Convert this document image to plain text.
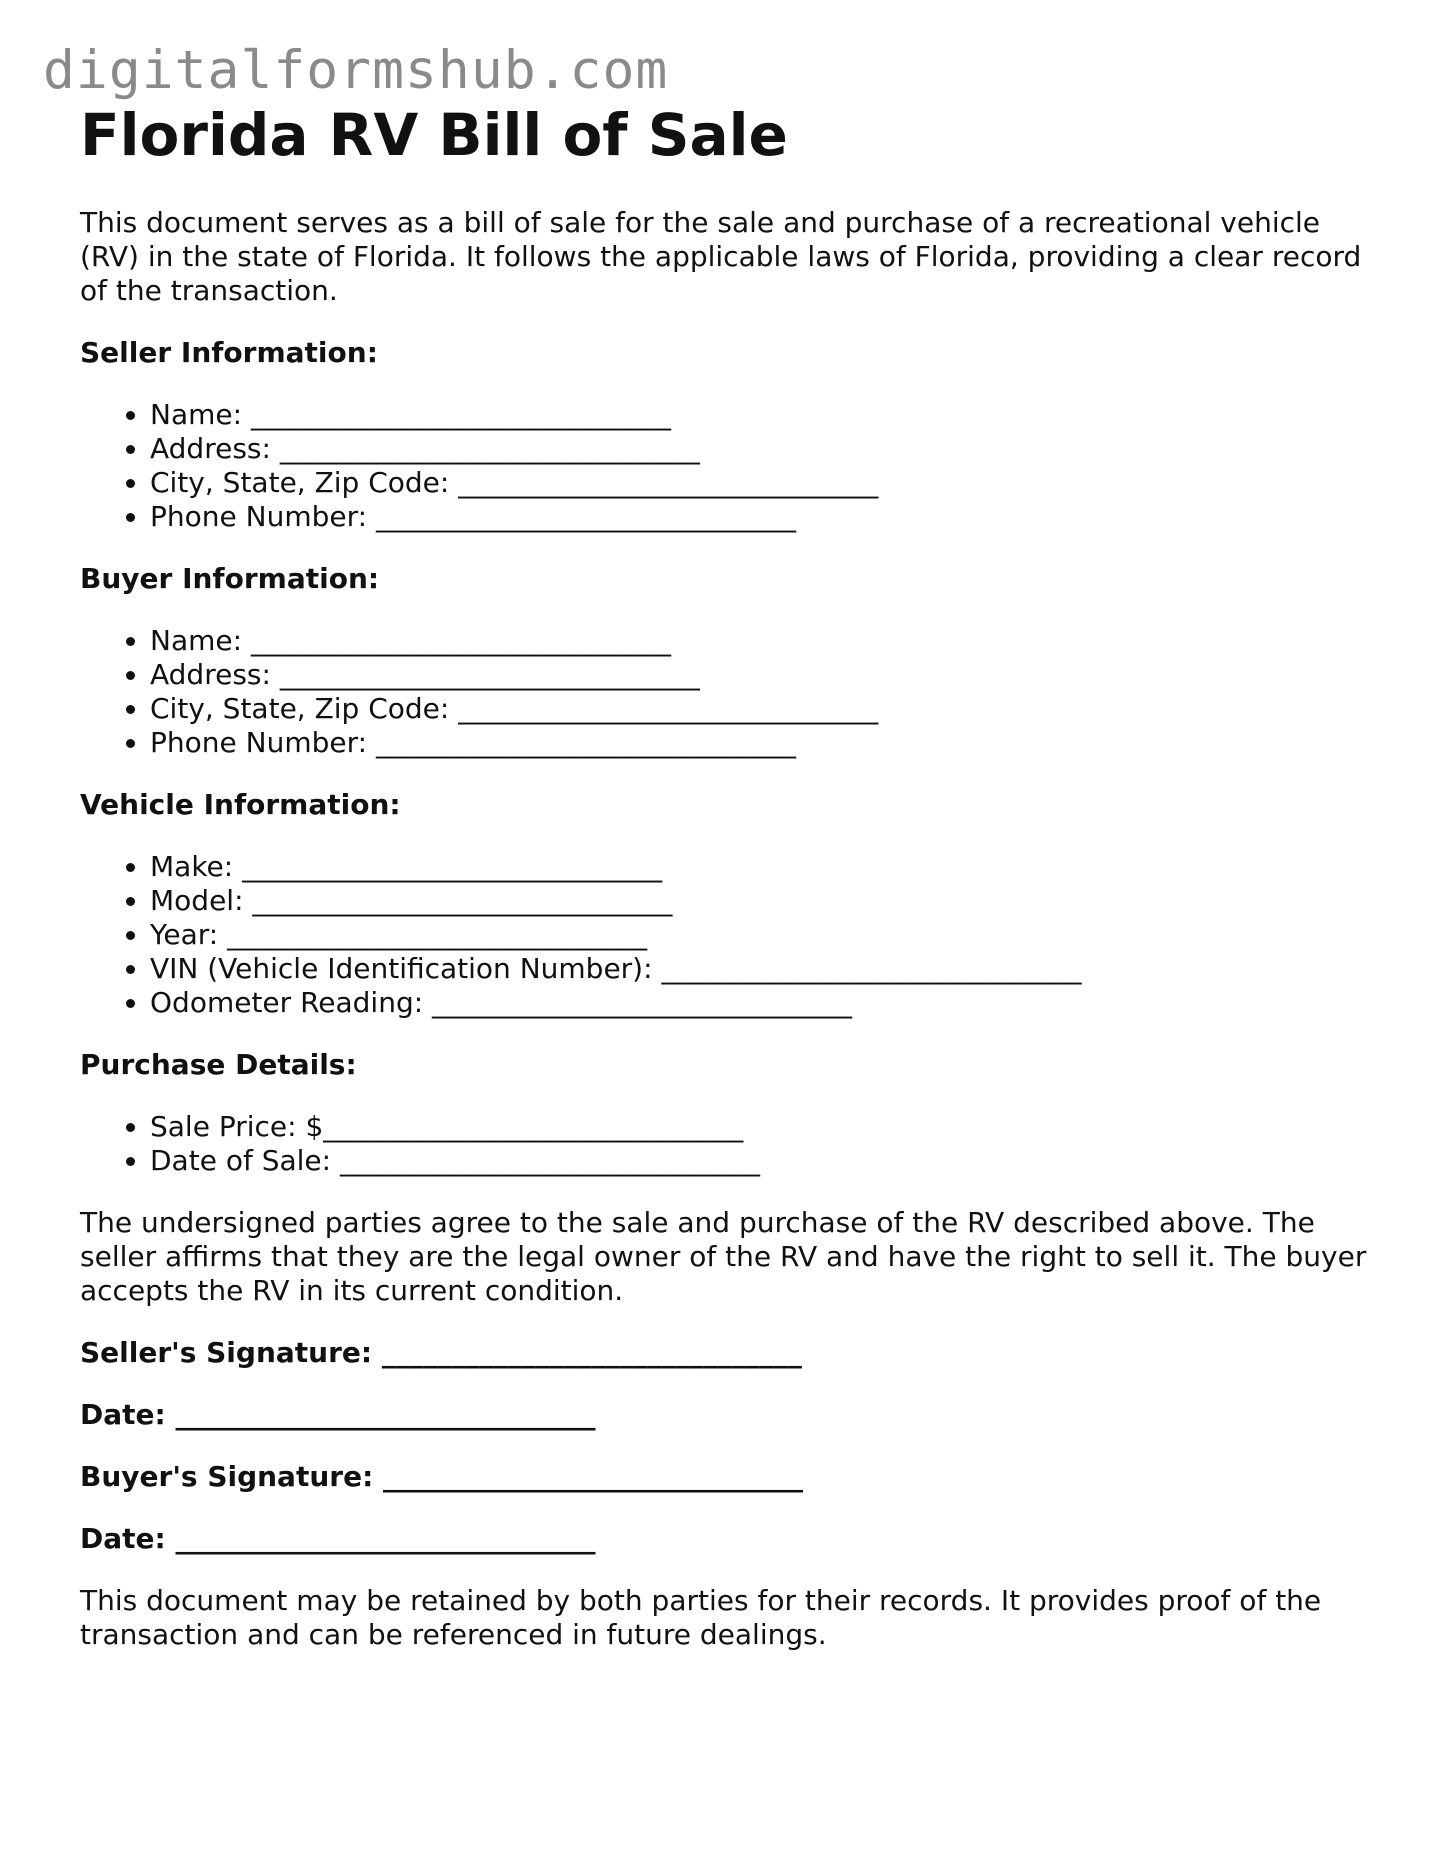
digitalformshub.com
Florida RV Bill of Sale

This document serves as a bill of sale for the sale and purchase of a recreational vehicle (RV) in the state of Florida. It follows the applicable laws of Florida, providing a clear record of the transaction.

Seller Information:
• Name: ______________________________
• Address: ______________________________
• City, State, Zip Code: ______________________________
• Phone Number: ______________________________
Buyer Information:
• Name: ______________________________
• Address: ______________________________
• City, State, Zip Code: ______________________________
• Phone Number: ______________________________
Vehicle Information:
• Make: ______________________________
• Model: ______________________________
• Year: ______________________________
• VIN (Vehicle Identification Number): ______________________________
• Odometer Reading: ______________________________
Purchase Details:
• Sale Price: $______________________________
• Date of Sale: ______________________________

The undersigned parties agree to the sale and purchase of the RV described above. The seller affirms that they are the legal owner of the RV and have the right to sell it. The buyer accepts the RV in its current condition.

Seller's Signature: ______________________________
Date: ______________________________
Buyer's Signature: ______________________________
Date: ______________________________

This document may be retained by both parties for their records. It provides proof of the transaction and can be referenced in future dealings.
